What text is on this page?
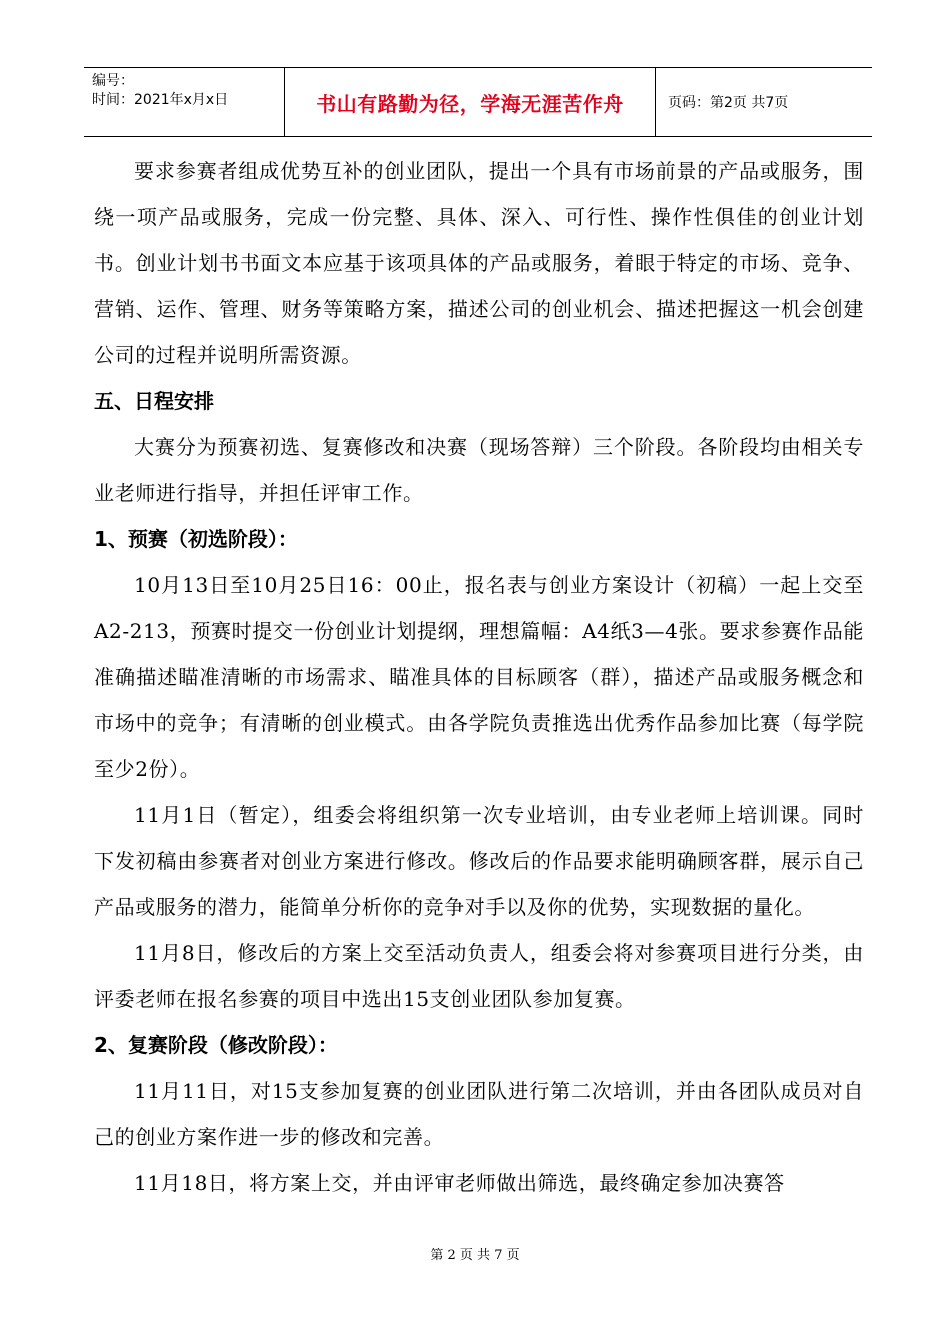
编号：
时间：2021年x月x日	书山有路勤为径，学海无涯苦作舟	页码：第2页 共7页

要求参赛者组成优势互补的创业团队，提出一个具有市场前景的产品或服务，围绕一项产品或服务，完成一份完整、具体、深入、可行性、操作性俱佳的创业计划书。创业计划书书面文本应基于该项具体的产品或服务，着眼于特定的市场、竞争、营销、运作、管理、财务等策略方案，描述公司的创业机会、描述把握这一机会创建公司的过程并说明所需资源。

五、日程安排

大赛分为预赛初选、复赛修改和决赛（现场答辩）三个阶段。各阶段均由相关专业老师进行指导，并担任评审工作。

1、预赛（初选阶段）：

10月13日至10月25日16：00止，报名表与创业方案设计（初稿）一起上交至A2-213，预赛时提交一份创业计划提纲，理想篇幅：A4纸3—4张。要求参赛作品能准确描述瞄准清晰的市场需求、瞄准具体的目标顾客（群），描述产品或服务概念和市场中的竞争；有清晰的创业模式。由各学院负责推选出优秀作品参加比赛（每学院至少2份）。

11月1日（暂定），组委会将组织第一次专业培训，由专业老师上培训课。同时下发初稿由参赛者对创业方案进行修改。修改后的作品要求能明确顾客群，展示自己产品或服务的潜力，能简单分析你的竞争对手以及你的优势，实现数据的量化。

11月8日，修改后的方案上交至活动负责人，组委会将对参赛项目进行分类，由评委老师在报名参赛的项目中选出15支创业团队参加复赛。

2、复赛阶段（修改阶段）：

11月11日，对15支参加复赛的创业团队进行第二次培训，并由各团队成员对自己的创业方案作进一步的修改和完善。

11月18日，将方案上交，并由评审老师做出筛选，最终确定参加决赛答

第 2 页 共 7 页
